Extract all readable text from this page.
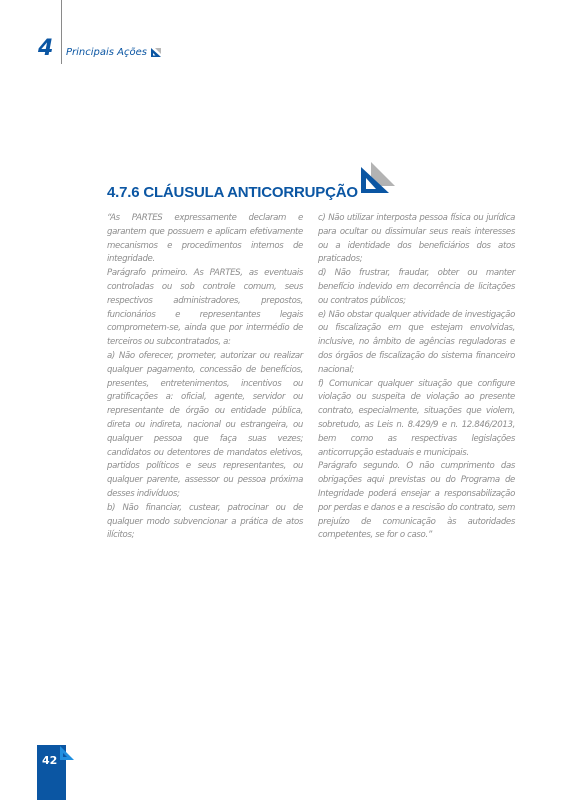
4 Principais Ações
4.7.6 CLÁUSULA ANTICORRUPÇÃO

“As PARTES expressamente declaram e garantem que possuem e aplicam efetivamente mecanismos e procedimentos internos de integridade.

Parágrafo primeiro. As PARTES, as eventuais controladas ou sob controle comum, seus respectivos administradores, prepostos, funcionários e representantes legais comprometem-se, ainda que por intermédio de terceiros ou subcontratados, a:

a) Não oferecer, prometer, autorizar ou realizar qualquer pagamento, concessão de benefícios, presentes, entretenimentos, incentivos ou gratificações a: oficial, agente, servidor ou representante de órgão ou entidade pública, direta ou indireta, nacional ou estrangeira, ou qualquer pessoa que faça suas vezes; candidatos ou detentores de mandatos eletivos, partidos políticos e seus representantes, ou qualquer parente, assessor ou pessoa próxima desses indivíduos;

b) Não financiar, custear, patrocinar ou de qualquer modo subvencionar a prática de atos ilícitos;

c) Não utilizar interposta pessoa física ou jurídica para ocultar ou dissimular seus reais interesses ou a identidade dos beneficiários dos atos praticados;

d) Não frustrar, fraudar, obter ou manter benefício indevido em decorrência de licitações ou contratos públicos;

e) Não obstar qualquer atividade de investigação ou fiscalização em que estejam envolvidas, inclusive, no âmbito de agências reguladoras e dos órgãos de fiscalização do sistema financeiro nacional;

f) Comunicar qualquer situação que configure violação ou suspeita de violação ao presente contrato, especialmente, situações que violem, sobretudo, as Leis n. 8.429/9 e n. 12.846/2013, bem como as respectivas legislações anticorrupção estaduais e municipais.

Parágrafo segundo. O não cumprimento das obrigações aqui previstas ou do Programa de Integridade poderá ensejar a responsabilização por perdas e danos e a rescisão do contrato, sem prejuízo de comunicação às autoridades competentes, se for o caso.”

42
